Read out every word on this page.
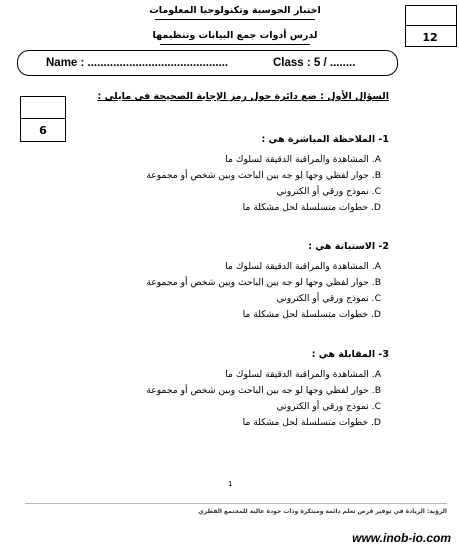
اختبار الحوسبة وتكنولوجيا المعلومات
لدرس أدوات جمع البيانات وتنظيمها	12
Name : ............................................	Class : 5 / ........
6
السؤال الأول : ضع دائرة حول رمز الإجابة الصحيحة في مايلي :
1- الملاحظة المباشرة هي :
المشاهدة والمراقبة الدقيقة لسلوك ما .A
حوار لفظي وجها لو جه بين الباحث وبين شخص أو مجموعة .B
نموذج ورقي أو الكتروني .C
خطوات متسلسلة لحل مشكلة ما .D
2- الاستبانة هي :
المشاهدة والمراقبة الدقيقة لسلوك ما .A
حوار لفظي وجها لو جه بين الباحث وبين شخص أو مجموعة .B
نموذج ورقي أو الكتروني .C
خطوات متسلسلة لحل مشكلة ما .D
3- المقابلة هي :
المشاهدة والمراقبة الدقيقة لسلوك ما .A
حوار لفظي وجها لو جه بين الباحث وبين شخص أو مجموعة .B
نموذج ورقي أو الكتروني .C
خطوات متسلسلة لحل مشكلة ما .D
1
الرؤية: الريادة في توفير فرص تعلم دائمة ومبتكرة وذات جودة عالية للمجتمع القطري
www.inob-io.com
